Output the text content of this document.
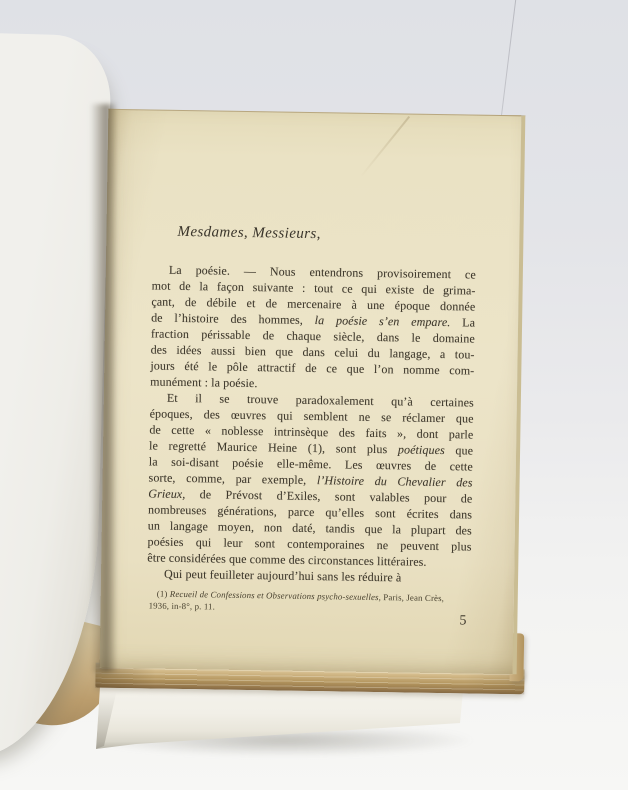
Mesdames, Messieurs,
La poésie. — Nous entendrons provisoirement ce
mot de la façon suivante : tout ce qui existe de grima-
çant, de débile et de mercenaire à une époque donnée
de l’histoire des hommes, la poésie s’en empare. La
fraction périssable de chaque siècle, dans le domaine
des idées aussi bien que dans celui du langage, a tou-
jours été le pôle attractif de ce que l’on nomme com-
munément : la poésie.
Et il se trouve paradoxalement qu’à certaines
époques, des œuvres qui semblent ne se réclamer que
de cette « noblesse intrinsèque des faits », dont parle
le regretté Maurice Heine (1), sont plus poétiques que
la soi-disant poésie elle-même. Les œuvres de cette
sorte, comme, par exemple, l’Histoire du Chevalier des
Grieux, de Prévost d’Exiles, sont valables pour de
nombreuses générations, parce qu’elles sont écrites dans
un langage moyen, non daté, tandis que la plupart des
poésies qui leur sont contemporaines ne peuvent plus
être considérées que comme des circonstances littéraires.
Qui peut feuilleter aujourd’hui sans les réduire à
(1) Recueil de Confessions et Observations psycho-sexuelles, Paris, Jean Crès,
1936, in-8°, p. 11.
5
